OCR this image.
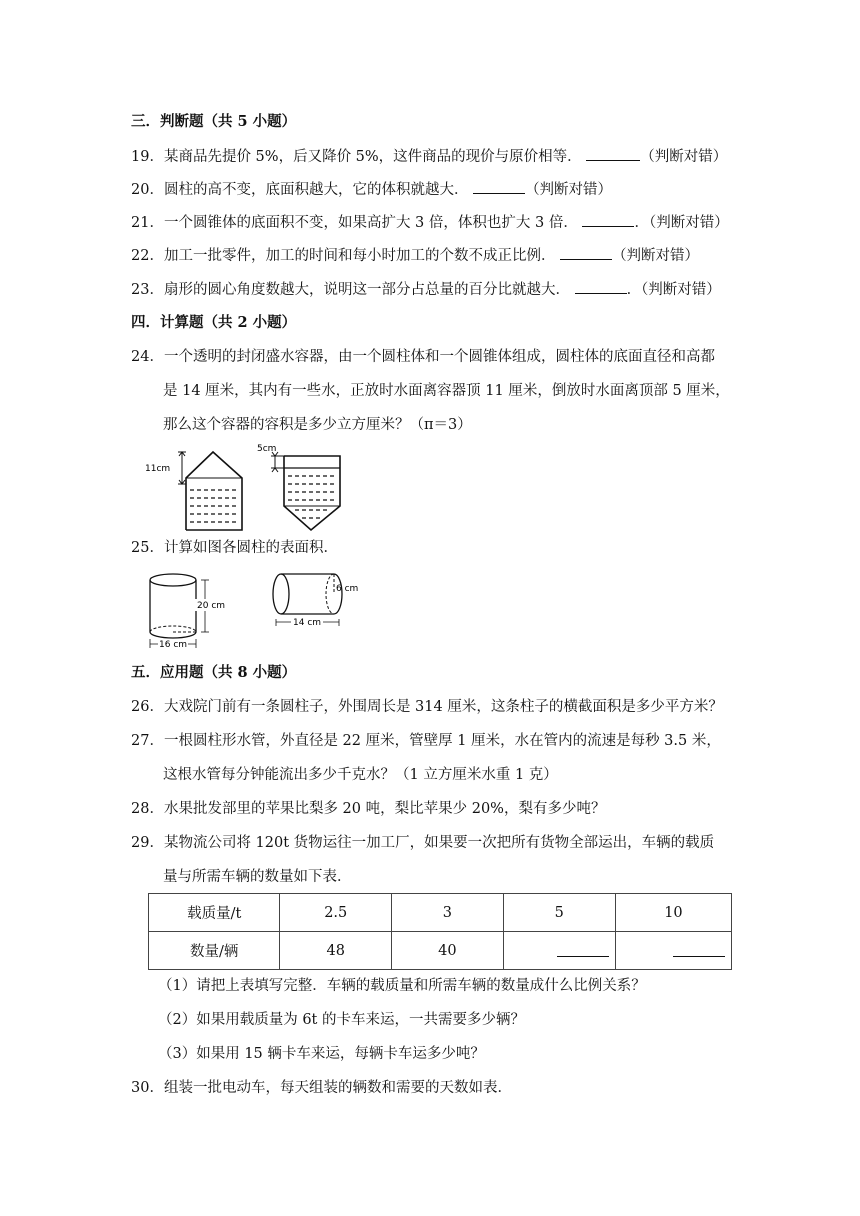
三．判断题（共 5 小题）
19．某商品先提价 5%，后又降价 5%，这件商品的现价与原价相等．	（判断对错）
20．圆柱的高不变，底面积越大，它的体积就越大．	（判断对错）
21．一个圆锥体的底面积不变，如果高扩大 3 倍，体积也扩大 3 倍．	．（判断对错）
22．加工一批零件，加工的时间和每小时加工的个数不成正比例．	（判断对错）
23．扇形的圆心角度数越大，说明这一部分占总量的百分比就越大．	．（判断对错）
四．计算题（共 2 小题）
24．一个透明的封闭盛水容器，由一个圆柱体和一个圆锥体组成，圆柱体的底面直径和高都
是 14 厘米，其内有一些水，正放时水面离容器顶 11 厘米，倒放时水面离顶部 5 厘米，
那么这个容器的容积是多少立方厘米？（π＝3）
11cm
5cm
25．计算如图各圆柱的表面积．
20 cm
16 cm
14 cm
6 cm
五．应用题（共 8 小题）
26．大戏院门前有一条圆柱子，外围周长是 314 厘米，这条柱子的横截面积是多少平方米？
27．一根圆柱形水管，外直径是 22 厘米，管壁厚 1 厘米，水在管内的流速是每秒 3.5 米，
这根水管每分钟能流出多少千克水？（1 立方厘米水重 1 克）
28．水果批发部里的苹果比梨多 20 吨，梨比苹果少 20%，梨有多少吨？
29．某物流公司将 120t 货物运往一加工厂，如果要一次把所有货物全部运出，车辆的载质
量与所需车辆的数量如下表．
载质量/t	2.5	3	5	10
数量/辆	48	40		
（1）请把上表填写完整．车辆的载质量和所需车辆的数量成什么比例关系？
（2）如果用载质量为 6t 的卡车来运，一共需要多少辆？
（3）如果用 15 辆卡车来运，每辆卡车运多少吨？
30．组装一批电动车，每天组装的辆数和需要的天数如表．
